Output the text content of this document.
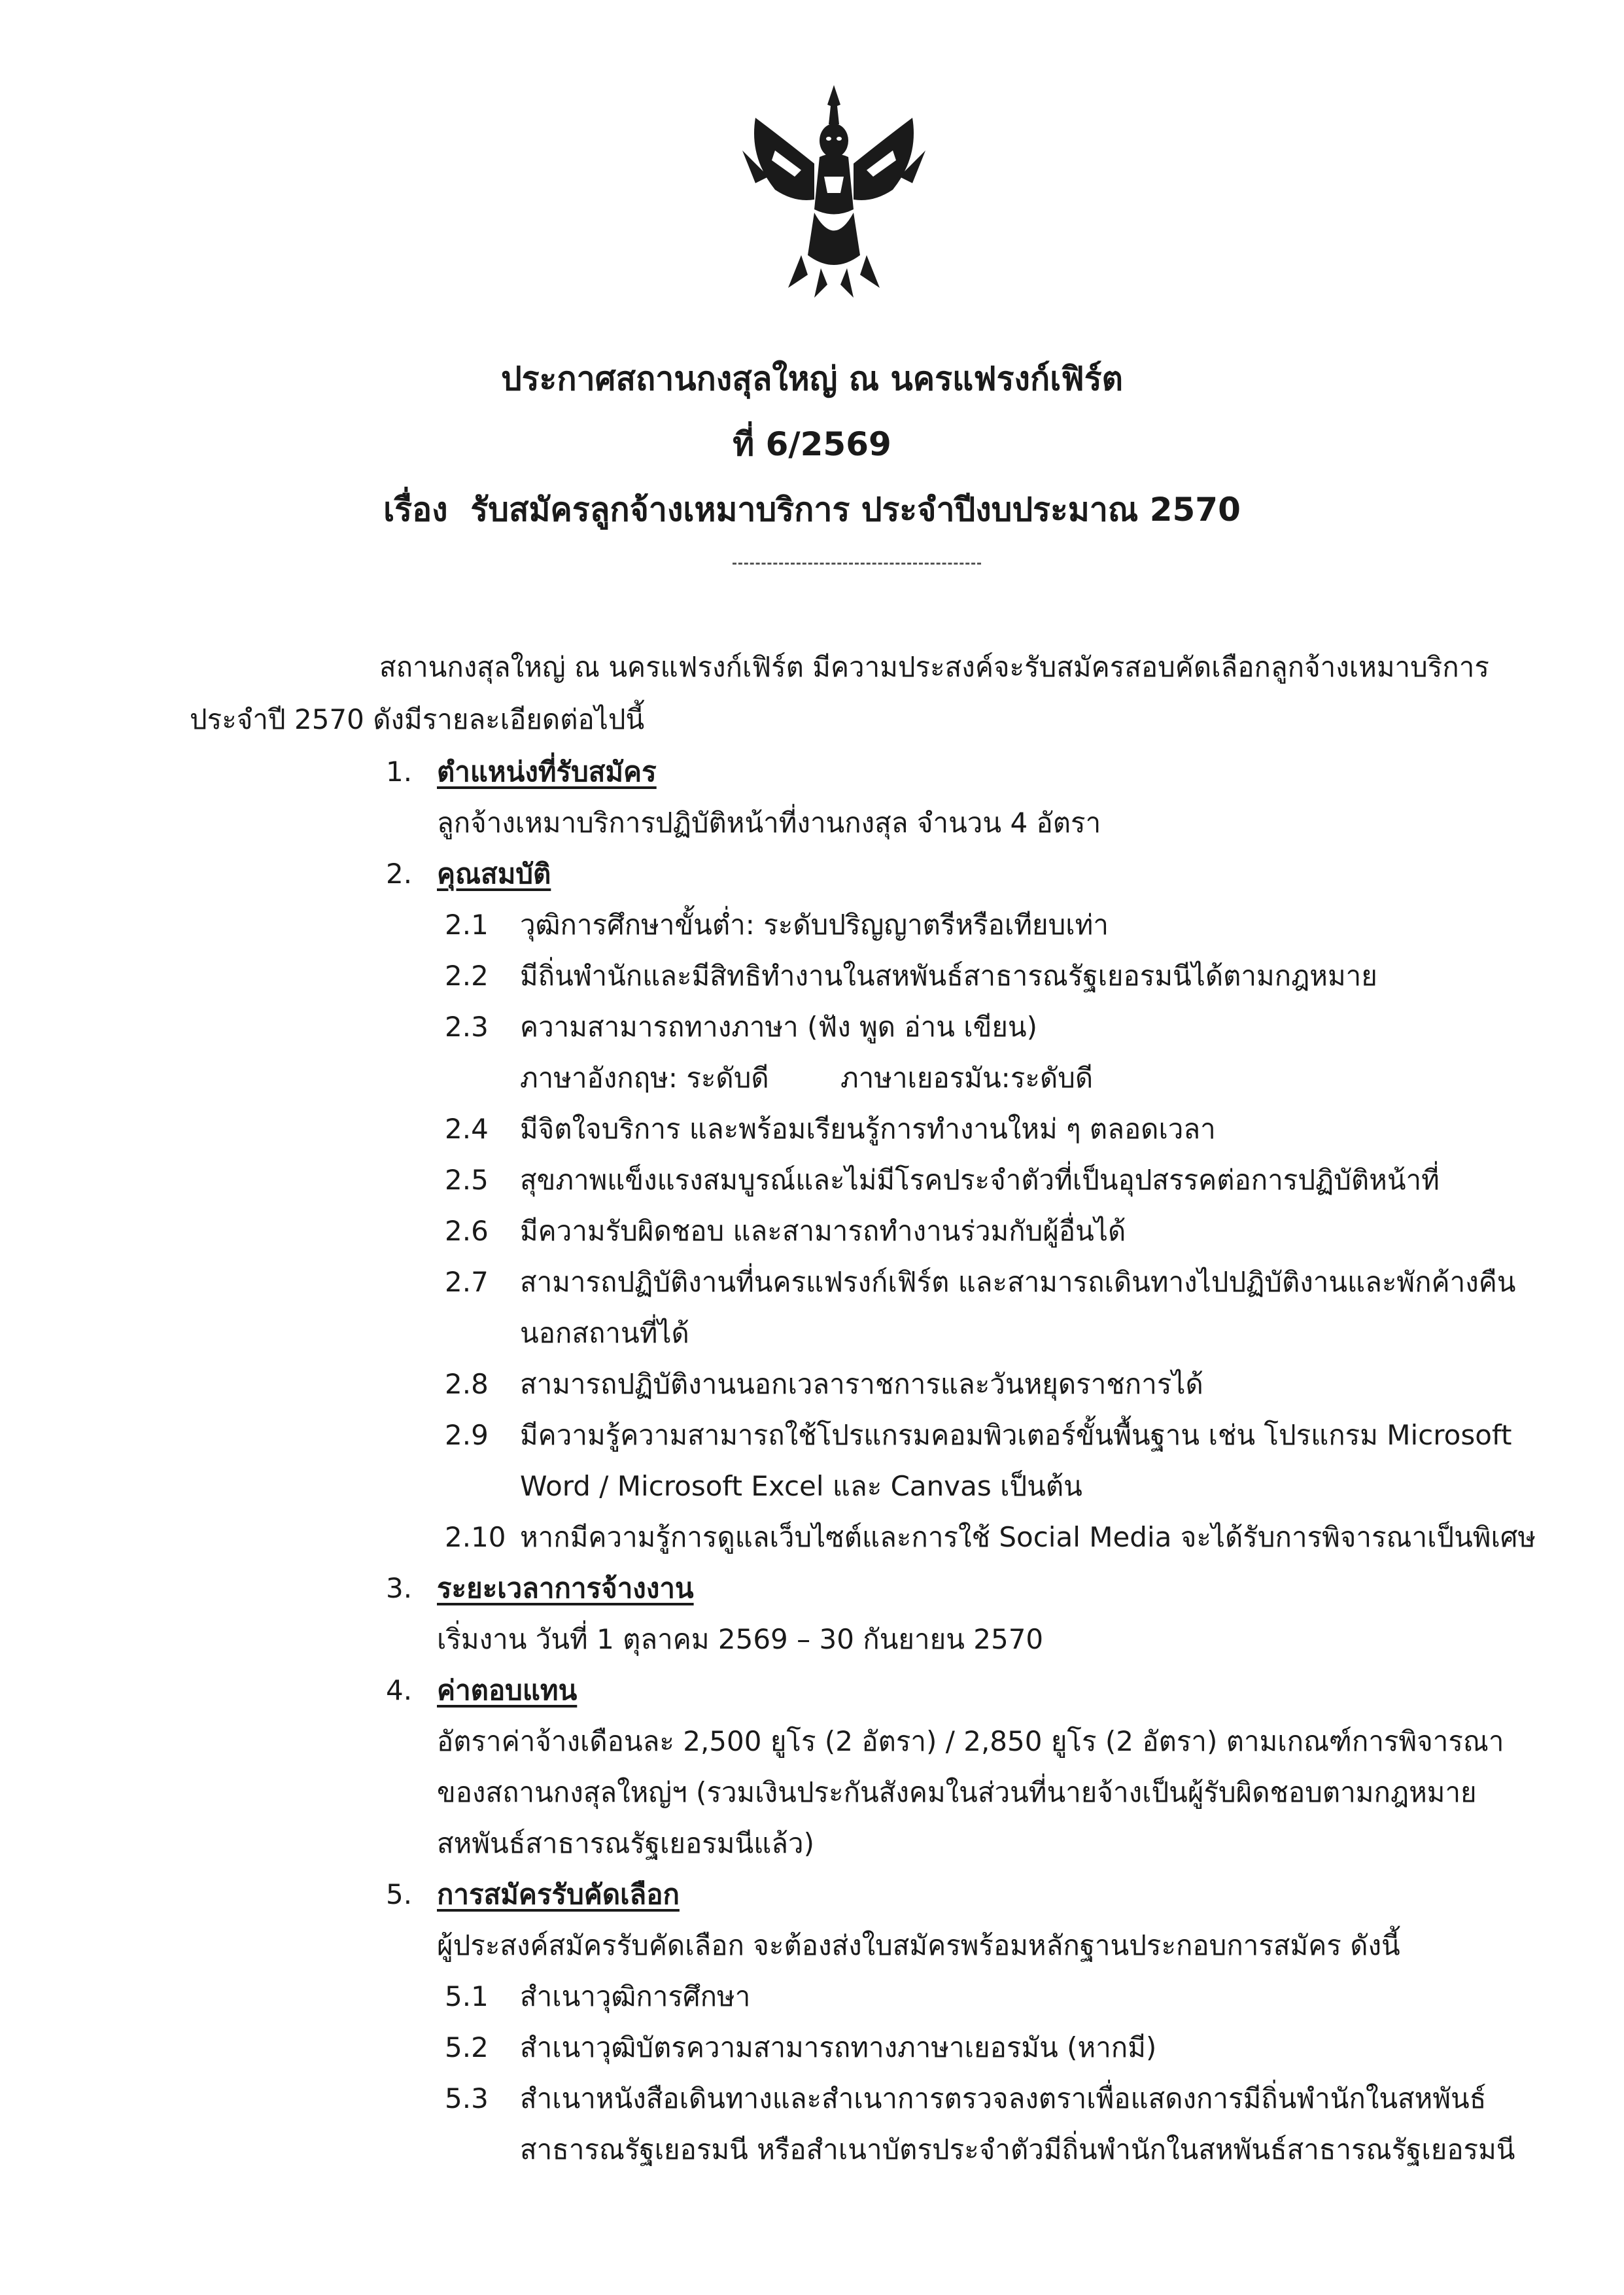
ประกาศสถานกงสุลใหญ่ ณ นครแฟรงก์เฟิร์ต
ที่ 6/2569
เรื่อง รับสมัครลูกจ้างเหมาบริการ ประจำปีงบประมาณ 2570
สถานกงสุลใหญ่ ณ นครแฟรงก์เฟิร์ต มีความประสงค์จะรับสมัครสอบคัดเลือกลูกจ้างเหมาบริการ
ประจำปี 2570 ดังมีรายละเอียดต่อไปนี้
1. ตำแหน่งที่รับสมัคร
ลูกจ้างเหมาบริการปฏิบัติหน้าที่งานกงสุล จำนวน 4 อัตรา
2. คุณสมบัติ
2.1 วุฒิการศึกษาขั้นต่ำ: ระดับปริญญาตรีหรือเทียบเท่า
2.2 มีถิ่นพำนักและมีสิทธิทำงานในสหพันธ์สาธารณรัฐเยอรมนีได้ตามกฎหมาย
2.3 ความสามารถทางภาษา (ฟัง พูด อ่าน เขียน)
ภาษาอังกฤษ: ระดับดี	ภาษาเยอรมัน:ระดับดี
2.4 มีจิตใจบริการ และพร้อมเรียนรู้การทำงานใหม่ ๆ ตลอดเวลา
2.5 สุขภาพแข็งแรงสมบูรณ์และไม่มีโรคประจำตัวที่เป็นอุปสรรคต่อการปฏิบัติหน้าที่
2.6 มีความรับผิดชอบ และสามารถทำงานร่วมกับผู้อื่นได้
2.7 สามารถปฏิบัติงานที่นครแฟรงก์เฟิร์ต และสามารถเดินทางไปปฏิบัติงานและพักค้างคืน
นอกสถานที่ได้
2.8 สามารถปฏิบัติงานนอกเวลาราชการและวันหยุดราชการได้
2.9 มีความรู้ความสามารถใช้โปรแกรมคอมพิวเตอร์ขั้นพื้นฐาน เช่น โปรแกรม Microsoft
Word / Microsoft Excel และ Canvas เป็นต้น
2.10 หากมีความรู้การดูแลเว็บไซต์และการใช้ Social Media จะได้รับการพิจารณาเป็นพิเศษ
3. ระยะเวลาการจ้างงาน
เริ่มงาน วันที่ 1 ตุลาคม 2569 – 30 กันยายน 2570
4. ค่าตอบแทน
อัตราค่าจ้างเดือนละ 2,500 ยูโร (2 อัตรา) / 2,850 ยูโร (2 อัตรา) ตามเกณฑ์การพิจารณา
ของสถานกงสุลใหญ่ฯ (รวมเงินประกันสังคมในส่วนที่นายจ้างเป็นผู้รับผิดชอบตามกฎหมาย
สหพันธ์สาธารณรัฐเยอรมนีแล้ว)
5. การสมัครรับคัดเลือก
ผู้ประสงค์สมัครรับคัดเลือก จะต้องส่งใบสมัครพร้อมหลักฐานประกอบการสมัคร ดังนี้
5.1 สำเนาวุฒิการศึกษา
5.2 สำเนาวุฒิบัตรความสามารถทางภาษาเยอรมัน (หากมี)
5.3 สำเนาหนังสือเดินทางและสำเนาการตรวจลงตราเพื่อแสดงการมีถิ่นพำนักในสหพันธ์
สาธารณรัฐเยอรมนี หรือสำเนาบัตรประจำตัวมีถิ่นพำนักในสหพันธ์สาธารณรัฐเยอรมนี
